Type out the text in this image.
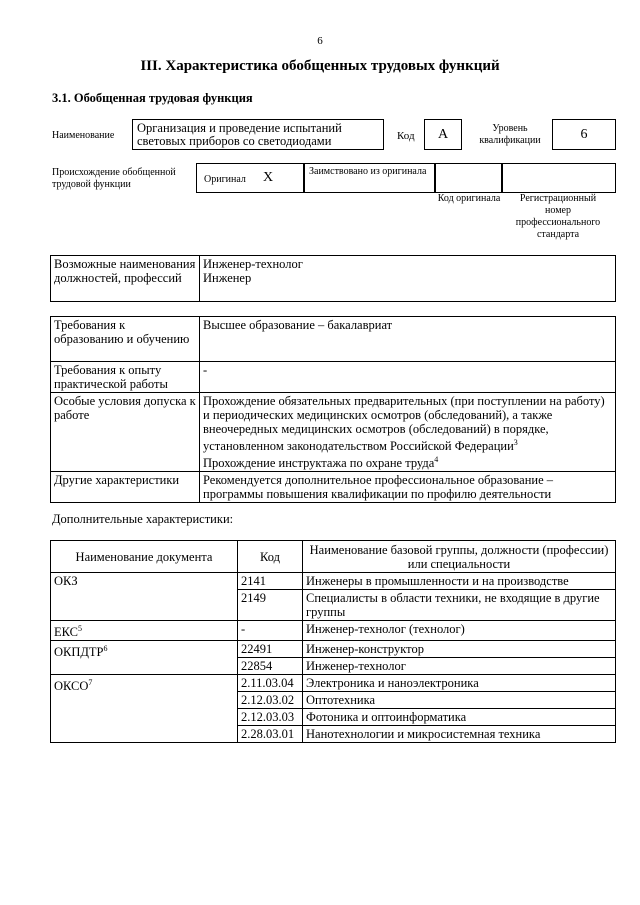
6
III. Характеристика обобщенных трудовых функций
3.1. Обобщенная трудовая функция
Наименование
Организация и проведение испытаний световых приборов со светодиодами	Код	А	Уровень квалификации	6
Происхождение обобщенной трудовой функции	Оригинал Х	Заимствовано из оригинала
Код оригинала	Регистрационный номер профессионального стандарта
Возможные наименования должностей, профессий	
Инженер-технолог
Инженер
Требования к образованию и обучению	Высшее образование – бакалавриат
Требования к опыту практической работы	-
Особые условия допуска к работе	Прохождение обязательных предварительных (при поступлении на работу) и периодических медицинских осмотров (обследований), а также внеочередных медицинских осмотров (обследований) в порядке, установленном законодательством Российской Федерации$^3$
Прохождение инструктажа по охране труда$^4$
Другие характеристики	Рекомендуется дополнительное профессиональное образование – программы повышения квалификации по профилю деятельности
Дополнительные характеристики:
Наименование документа	Код	Наименование базовой группы, должности (профессии) или специальности
ОКЗ	2141	Инженеры в промышленности и на производстве
	2149	Специалисты в области техники, не входящие в другие группы
ЕКС$^5$	-	Инженер-технолог (технолог)
ОКПДТР$^6$	22491	Инженер-конструктор
	22854	Инженер-технолог
ОКСО$^7$	2.11.03.04	Электроника и наноэлектроника
	2.12.03.02	Оптотехника
	2.12.03.03	Фотоника и оптоинформатика
	2.28.03.01	Нанотехнологии и микросистемная техника
